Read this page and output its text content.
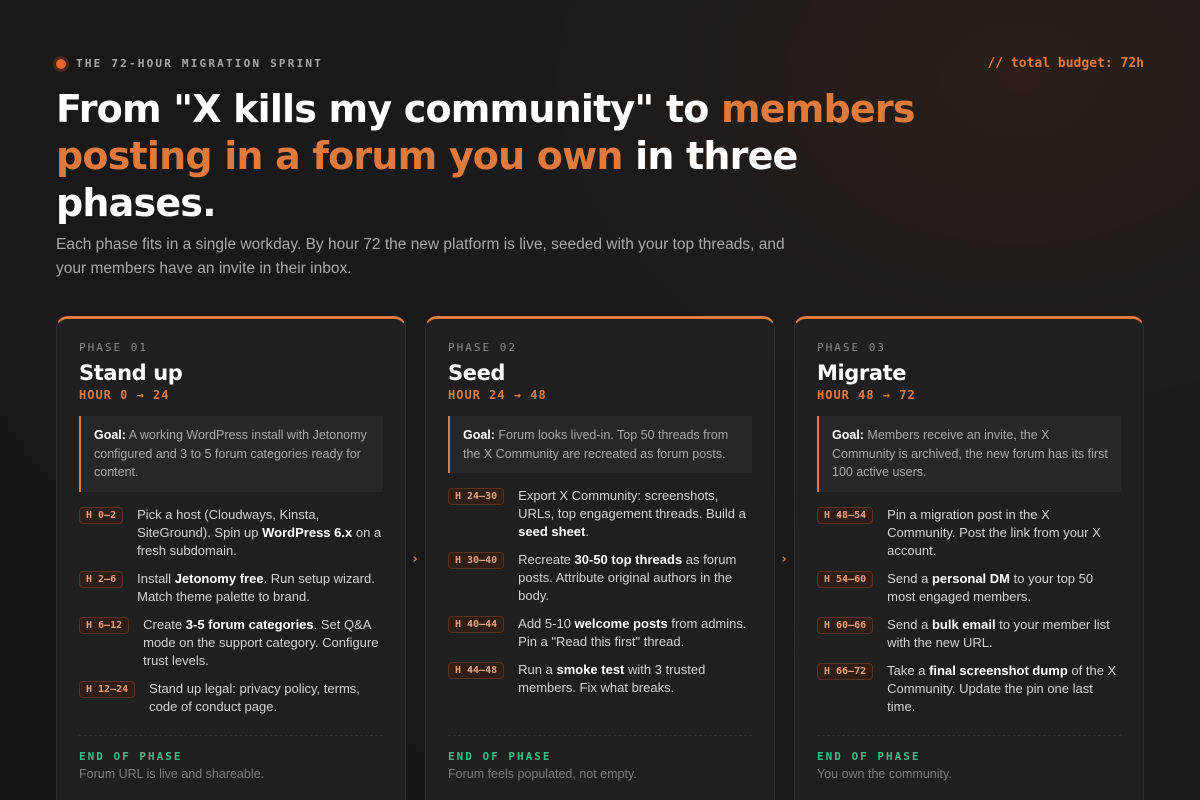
THE 72-HOUR MIGRATION SPRINT	// total budget: 72h
From "X kills my community" to members posting in a forum you own in three phases.

Each phase fits in a single workday. By hour 72 the new platform is live, seeded with your top threads, and your members have an invite in their inbox.

PHASE 01
Stand up
HOUR 0 → 24
Goal: A working WordPress install with Jetonomy configured and 3 to 5 forum categories ready for content.
H 0–2	Pick a host (Cloudways, Kinsta, SiteGround). Spin up WordPress 6.x on a fresh subdomain.
H 2–6	Install Jetonomy free. Run setup wizard. Match theme palette to brand.
H 6–12	Create 3-5 forum categories. Set Q&A mode on the support category. Configure trust levels.
H 12–24	Stand up legal: privacy policy, terms, code of conduct page.
END OF PHASE
Forum URL is live and shareable.
PHASE 02
Seed
HOUR 24 → 48
Goal: Forum looks lived-in. Top 50 threads from the X Community are recreated as forum posts.
H 24–30	Export X Community: screenshots, URLs, top engagement threads. Build a seed sheet.
H 30–40	Recreate 30-50 top threads as forum posts. Attribute original authors in the body.
H 40–44	Add 5-10 welcome posts from admins. Pin a "Read this first" thread.
H 44–48	Run a smoke test with 3 trusted members. Fix what breaks.
END OF PHASE
Forum feels populated, not empty.
PHASE 03
Migrate
HOUR 48 → 72
Goal: Members receive an invite, the X Community is archived, the new forum has its first 100 active users.
H 48–54	Pin a migration post in the X Community. Post the link from your X account.
H 54–60	Send a personal DM to your top 50 most engaged members.
H 60–66	Send a bulk email to your member list with the new URL.
H 66–72	Take a final screenshot dump of the X Community. Update the pin one last time.
END OF PHASE
You own the community.
›	›
